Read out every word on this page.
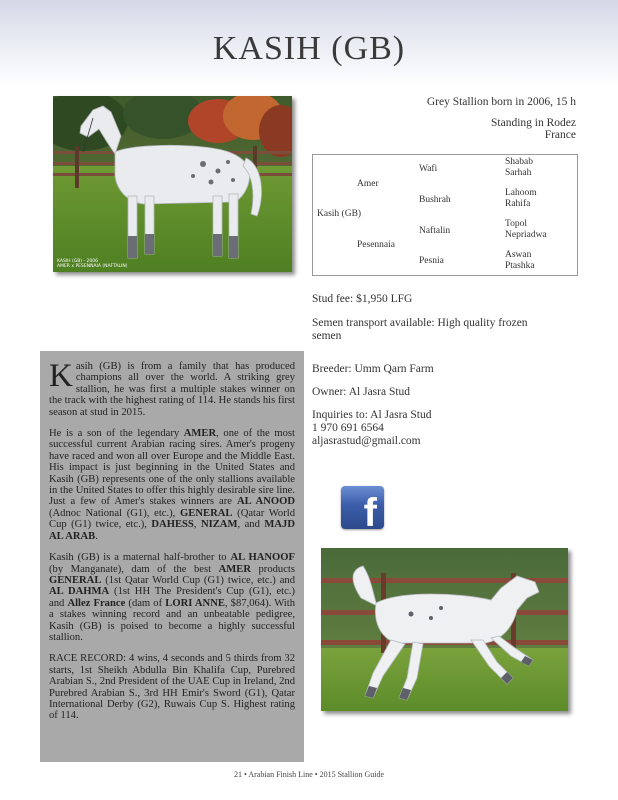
KASIH (GB)
KASIH (GB) - 2006
AMER x PESENNAIA (NAFTALIN)
Grey Stallion born in 2006, 15 h
Standing in Rodez
France
Kasih (GB)
Amer
Pesennaia
Wafi
Bushrah
Naftalin
Pesnia
Shabab
Sarhah
Lahoom
Rahifa
Topol
Nepriadwa
Aswan
Ptashka
Stud fee: $1,950 LFG
Semen transport available: High quality frozen
semen
Breeder: Umm Qarn Farm
Owner: Al Jasra Stud
Inquiries to: Al Jasra Stud
1 970 691 6564
aljasrastud@gmail.com
f

Kasih (GB) is from a family that has produced champions all over the world. A striking grey stallion, he was first a multiple stakes winner on the track with the highest rating of 114. He stands his first season at stud in 2015.

He is a son of the legendary AMER, one of the most successful current Arabian racing sires. Amer's progeny have raced and won all over Europe and the Middle East. His impact is just beginning in the United States and Kasih (GB) represents one of the only stallions available in the United States to offer this highly desirable sire line. Just a few of Amer's stakes winners are AL ANOOD (Adnoc National (G1), etc.), GENERAL (Qatar World Cup (G1) twice, etc.), DAHESS, NIZAM, and MAJD AL ARAB.

Kasih (GB) is a maternal half-brother to AL HANOOF (by Manganate), dam of the best AMER products GENERAL (1st Qatar World Cup (G1) twice, etc.) and AL DAHMA (1st HH The President's Cup (G1), etc.) and Allez France (dam of LORI ANNE, $87,064). With a stakes winning record and an unbeatable pedigree, Kasih (GB) is poised to become a highly successful stallion.

RACE RECORD: 4 wins, 4 seconds and 5 thirds from 32 starts, 1st Sheikh Abdulla Bin Khalifa Cup, Purebred Arabian S., 2nd President of the UAE Cup in Ireland, 2nd Purebred Arabian S., 3rd HH Emir's Sword (G1), Qatar International Derby (G2), Ruwais Cup S. Highest rating of 114.

21 • Arabian Finish Line • 2015 Stallion Guide
